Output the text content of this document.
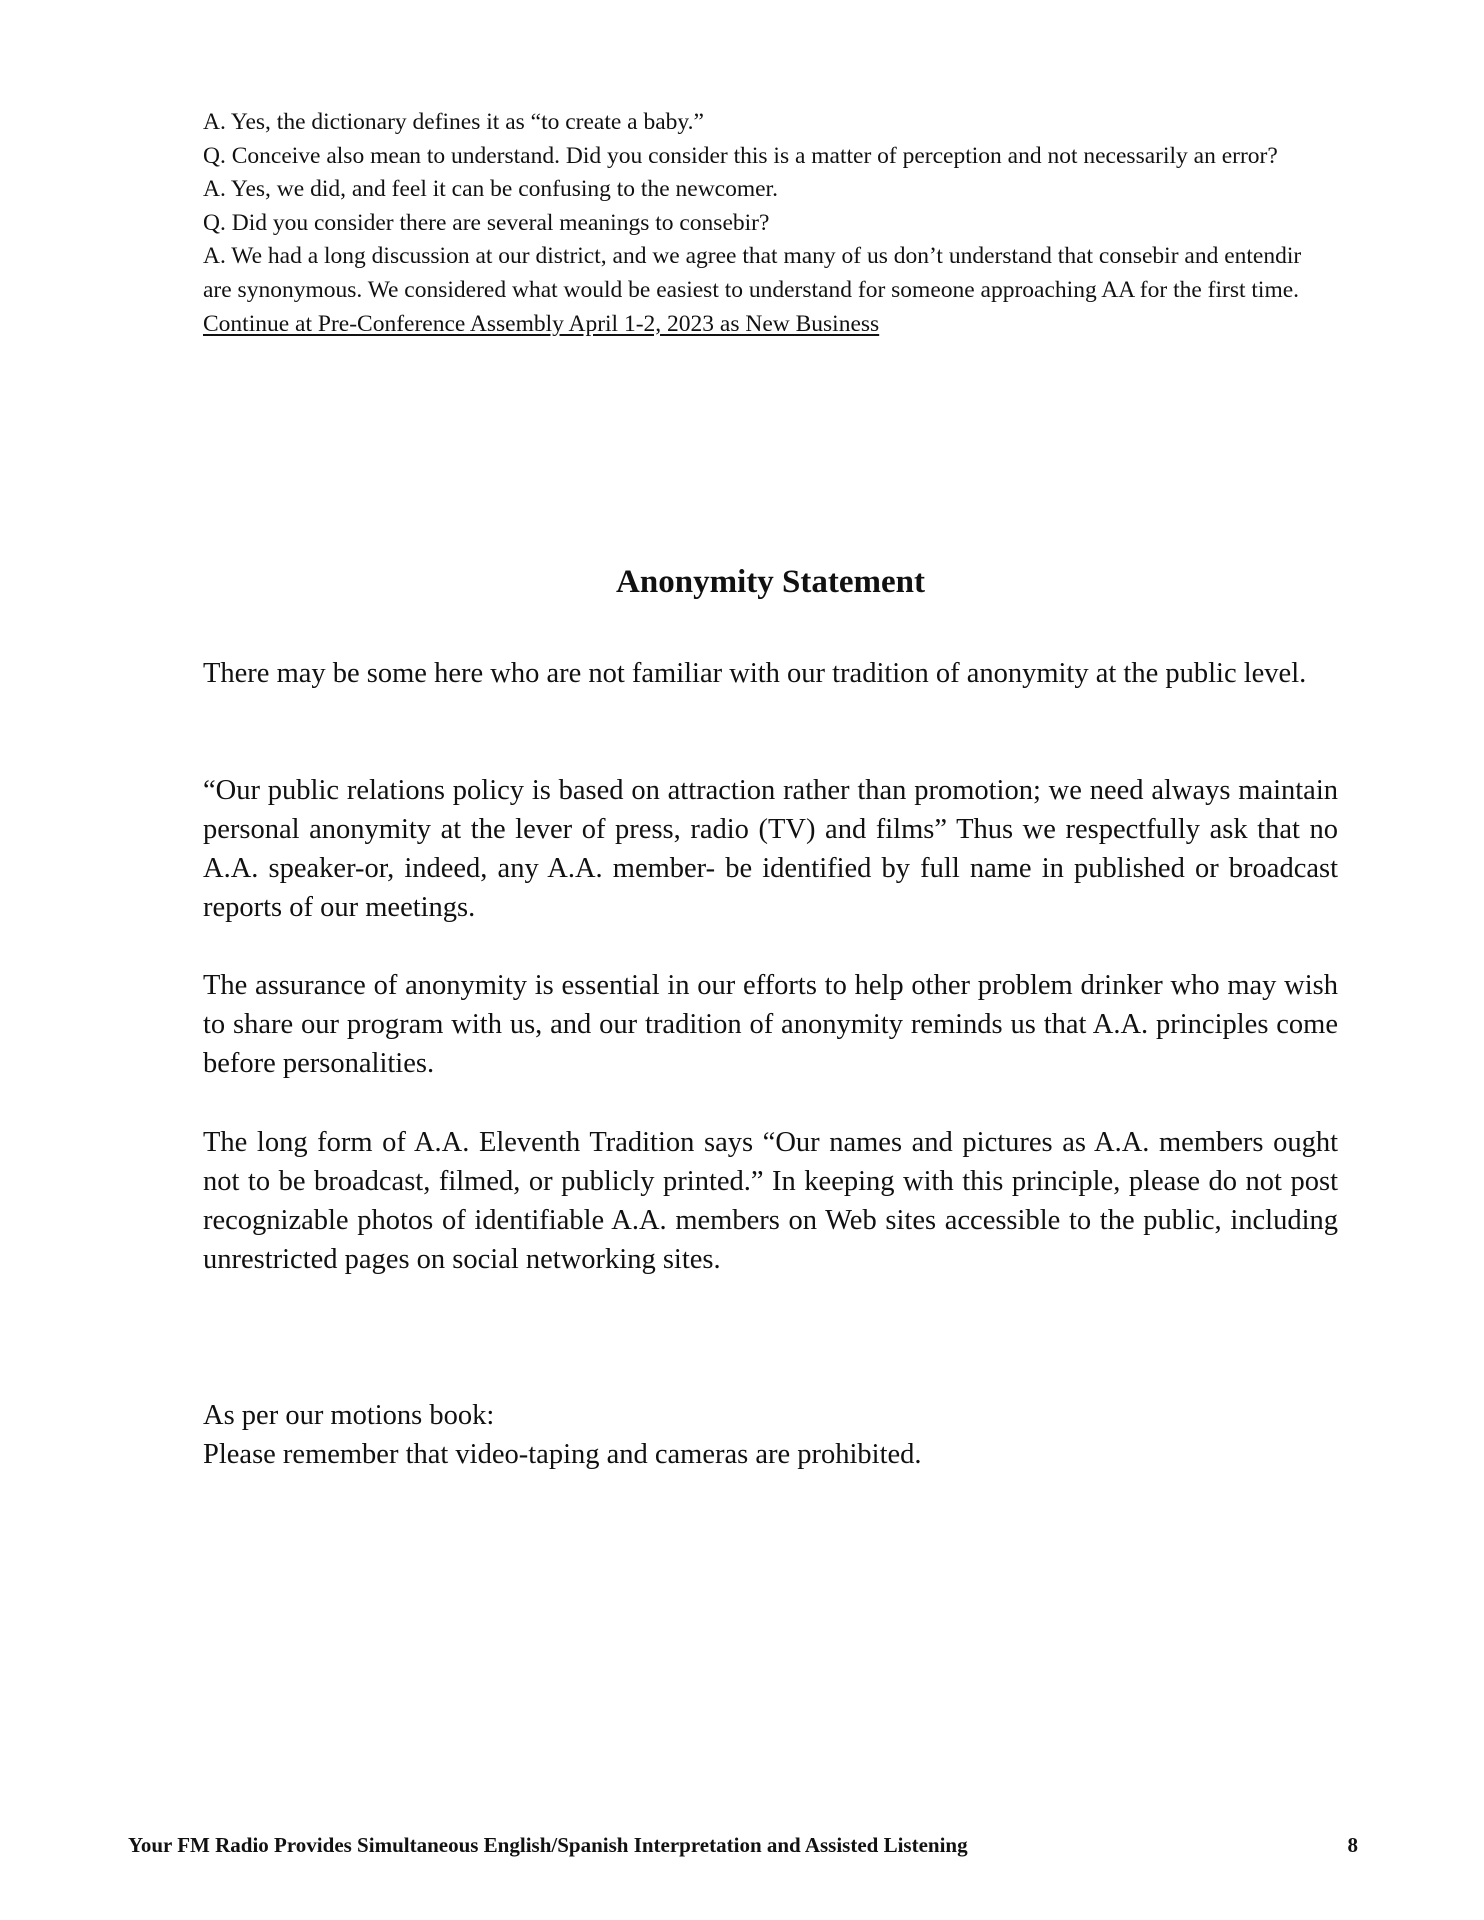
A. Yes, the dictionary defines it as “to create a baby.”

Q. Conceive also mean to understand. Did you consider this is a matter of perception and not necessarily an error?

A. Yes, we did, and feel it can be confusing to the newcomer.

Q. Did you consider there are several meanings to consebir?

A. We had a long discussion at our district, and we agree that many of us don’t understand that consebir and entendir are synonymous. We considered what would be easiest to understand for someone approaching AA for the first time.

Continue at Pre-Conference Assembly April 1-2, 2023 as New Business

Anonymity Statement

There may be some here who are not familiar with our tradition of anonymity at the public level.

“Our public relations policy is based on attraction rather than promotion; we need always maintain personal anonymity at the lever of press, radio (TV) and films” Thus we respectfully ask that no A.A. speaker-or, indeed, any A.A. member- be identified by full name in published or broadcast reports of our meetings.

The assurance of anonymity is essential in our efforts to help other problem drinker who may wish to share our program with us, and our tradition of anonymity reminds us that A.A. principles come before personalities.

The long form of A.A. Eleventh Tradition says “Our names and pictures as A.A. members ought not to be broadcast, filmed, or publicly printed.” In keeping with this principle, please do not post recognizable photos of identifiable A.A. members on Web sites accessible to the public, including unrestricted pages on social networking sites.

As per our motions book:

Please remember that video-taping and cameras are prohibited.

Your FM Radio Provides Simultaneous English/Spanish Interpretation and Assisted Listening	8
